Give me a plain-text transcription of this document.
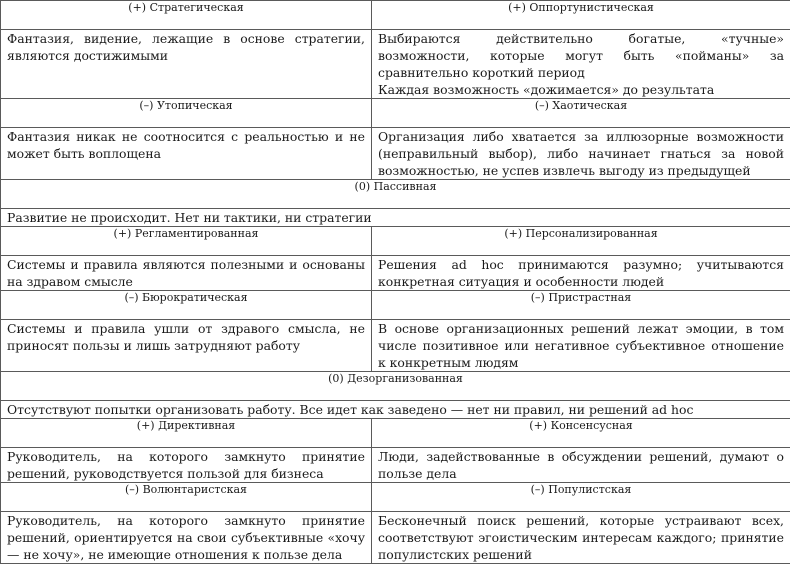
(+) Стратегическая	(+) Оппортунистическая
Фантазия, видение, лежащие в основе стратегии, являются достижимыми	Выбираются действительно богатые, «тучные» возможности, которые могут быть «пойманы» за сравнительно короткий период
Каждая возможность «дожимается» до результата

(–) Утопическая	(–) Хаотическая
Фантазия никак не соотносится с реальностью и не может быть воплощена	Организация либо хватается за иллюзорные возможности (неправильный выбор), либо начинает гнаться за новой возможностью, не успев извлечь выгоду из предыдущей
(0) Пассивная	
Развитие не происходит. Нет ни тактики, ни стратегии	
(+) Регламентированная	(+) Персонализированная
Системы и правила являются полезными и основаны на здравом смысле	Решения ad hoc принимаются разумно; учитываются конкретная ситуация и особенности людей
(–) Бюрократическая	(–) Пристрастная
Системы и правила ушли от здравого смысла, не приносят пользы и лишь затрудняют работу	В основе организационных решений лежат эмоции, в том числе позитивное или негативное субъективное отношение к конкретным людям
(0) Дезорганизованная	
Отсутствуют попытки организовать работу. Все идет как заведено — нет ни правил, ни решений ad hoc	
(+) Директивная	(+) Консенсусная
Руководитель, на которого замкнуто принятие решений, руководствуется пользой для бизнеса	Люди, задействованные в обсуждении решений, думают о пользе дела
(–) Волюнтаристская	(–) Популистская
Руководитель, на которого замкнуто принятие решений, ориентируется на свои субъективные «хочу — не хочу», не имеющие отношения к пользе дела	Бесконечный поиск решений, которые устраивают всех, соответствуют эгоистическим интересам каждого; принятие популистских решений
